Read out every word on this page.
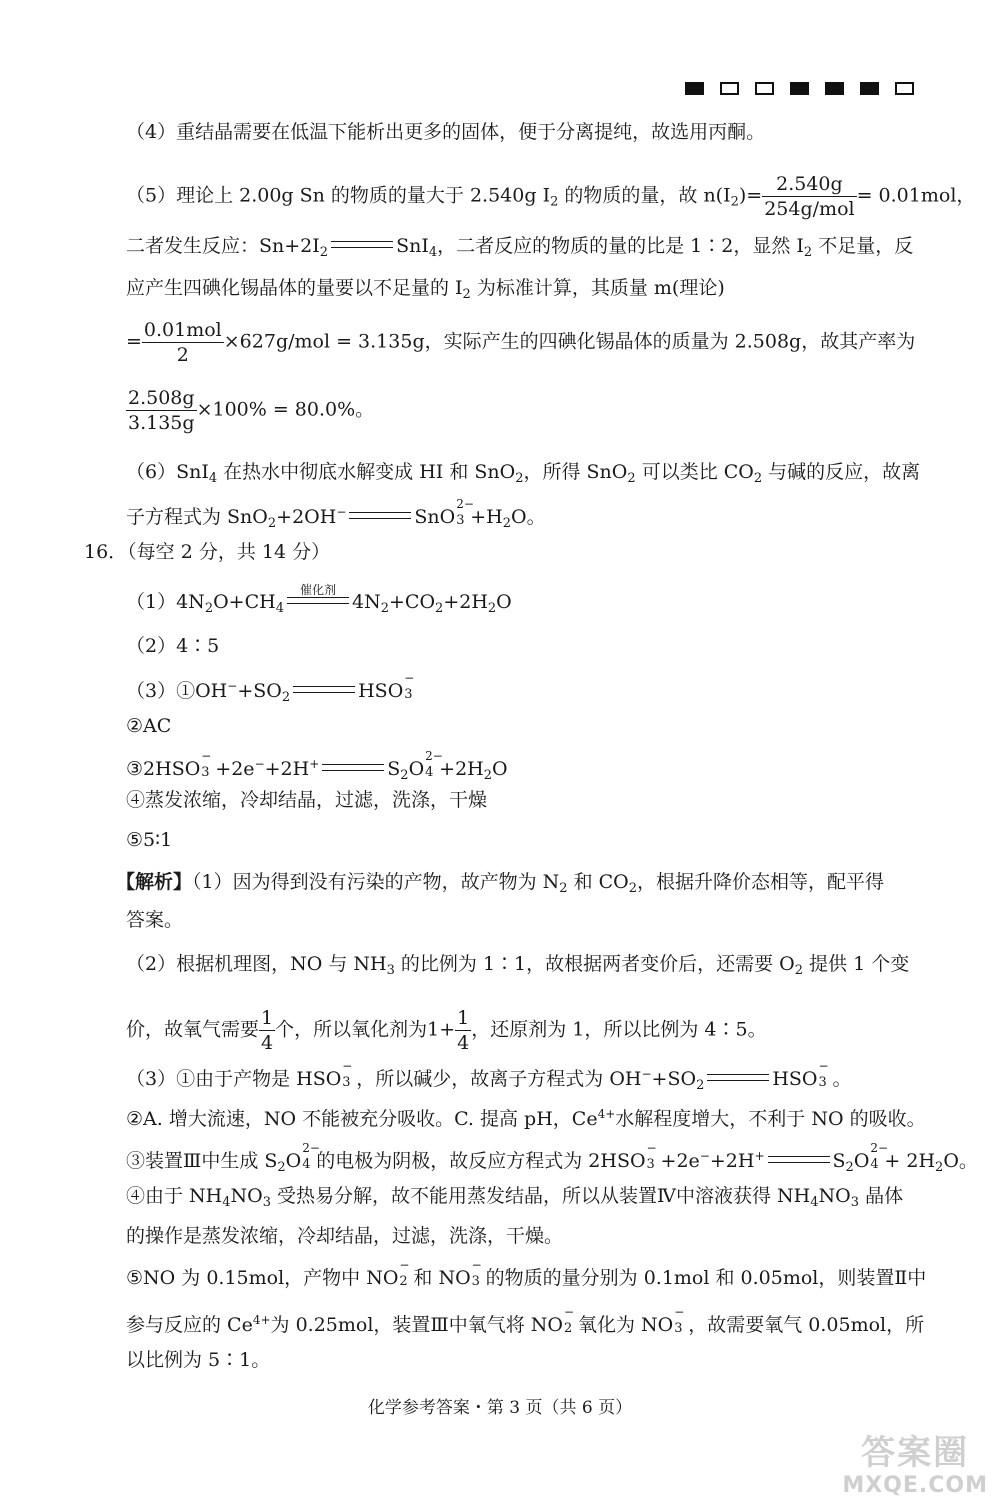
（4）重结晶需要在低温下能析出更多的固体，便于分离提纯，故选用丙酮。
（5）理论上 2.00g Sn 的物质的量大于 2.540g $I_2$ 的物质的量，故 $n(I_2)= \frac{2.540g}{\text{254g/mol}} = 0.01mol$，
二者发生反应：$Sn+2I_2$	SnI$_4$，二者反应的物质的量的比是 1∶2，显然 $I_2$ 不足量，反
应产生四碘化锡晶体的量要以不足量的 $I_2$ 为标准计算，其质量 m(理论)
= $\frac{\text{0.01mol}}{2} \times 627g/mol = 3.135g$，实际产生的四碘化锡晶体的质量为 2.508g，故其产率为
$\frac{2.508g}{3.135g} \times 100\% = 80.0\%$。
（6）SnI$_4$ 在热水中彻底水解变成 HI 和 SnO$_2$，所得 SnO$_2$ 可以类比 $CO_2$ 与碱的反应，故离
子方程式为 SnO$_2$+2OH−	SnO
2−
$3 +H_2O$。
16．（每空 2 分，共 14 分）
$(1)4N_2O+CH_4$
催化剂
$4N_2+CO_2+2H_2O$
（2）4∶5
$(3)①OH^-+SO_2$	HSO
−
3
②AC
③2HSO
−
3 +2e−+2H+	$S_2O$
2−
$4 +2H_2O$
④蒸发浓缩，冷却结晶，过滤，洗涤，干燥
⑤5∶1
【解析】（1）因为得到没有污染的产物，故产物为 $N_2$ 和 $CO_2$，根据升降价态相等，配平得
答案。
（2）根据机理图，NO 与 $NH_3$ 的比例为 1∶1，故根据两者变价后，还需要 $O_2$ 提供 1 个变
价，故氧气需要 $\frac{1}{4}$ 个，所以氧化剂为$1+ \frac{1}{4}$ ，还原剂为 1，所以比例为 4∶5。
（3）①由于产物是 HSO
−
3 ，所以碱少，故离子方程式为 $OH^-+SO_2$	HSO
−
3 。
②A. 增大流速，NO 不能被充分吸收。C. 提高 pH，$Ce^{4+}$水解程度增大，不利于 NO 的吸收。
③装置Ⅲ中生成 $S_2O$
2−
4 的电极为阴极，故反应方程式为 2HSO
−
3 +2e−+2H+	$S_2O$
2−
$4 + 2H_2O$。
④由于 $NH_4NO_3$ 受热易分解，故不能用蒸发结晶，所以从装置Ⅳ中溶液获得 $NH_4NO_3$ 晶体
的操作是蒸发浓缩，冷却结晶，过滤，洗涤，干燥。
⑤NO 为 0.15mol，产物中 NO
−
2 和 NO
−
3 的物质的量分别为 0.1mol 和 0.05mol，则装置Ⅱ中
参与反应的 $Ce^{4+}$为 0.25mol，装置Ⅲ中氧气将 NO
−
2 氧化为 NO
−
3 ，故需要氧气 0.05mol，所
以比例为 5∶1。
化学参考答案・第 3 页（共 6 页）
答案圈
MXQE.COM
